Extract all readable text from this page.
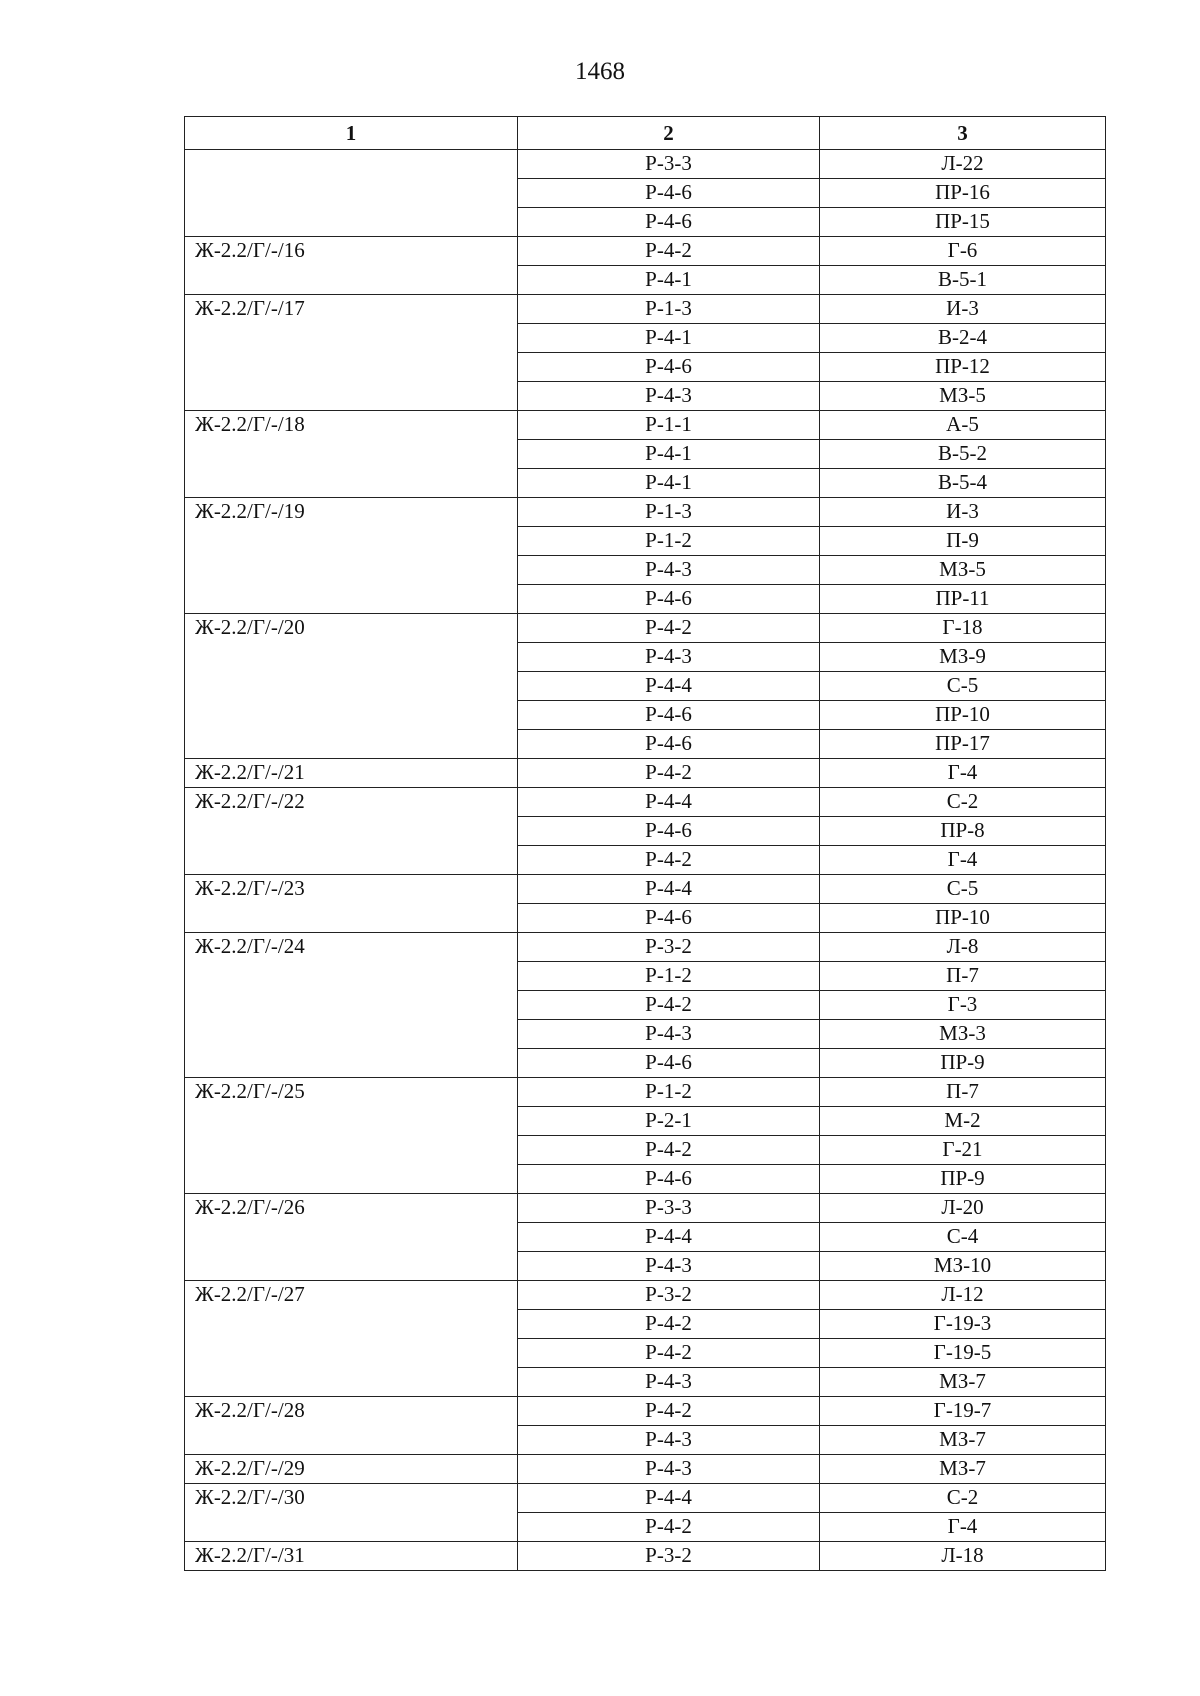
1468
1	2	3
	Р-3-3	Л-22
	Р-4-6	ПР-16
	Р-4-6	ПР-15
Ж-2.2/Г/-/16	Р-4-2	Г-6
	Р-4-1	В-5-1
Ж-2.2/Г/-/17	Р-1-3	И-3
	Р-4-1	В-2-4
	Р-4-6	ПР-12
	Р-4-3	МЗ-5
Ж-2.2/Г/-/18	Р-1-1	А-5
	Р-4-1	В-5-2
	Р-4-1	В-5-4
Ж-2.2/Г/-/19	Р-1-3	И-3
	Р-1-2	П-9
	Р-4-3	МЗ-5
	Р-4-6	ПР-11
Ж-2.2/Г/-/20	Р-4-2	Г-18
	Р-4-3	МЗ-9
	Р-4-4	С-5
	Р-4-6	ПР-10
	Р-4-6	ПР-17
Ж-2.2/Г/-/21	Р-4-2	Г-4
Ж-2.2/Г/-/22	Р-4-4	С-2
	Р-4-6	ПР-8
	Р-4-2	Г-4
Ж-2.2/Г/-/23	Р-4-4	С-5
	Р-4-6	ПР-10
Ж-2.2/Г/-/24	Р-3-2	Л-8
	Р-1-2	П-7
	Р-4-2	Г-3
	Р-4-3	МЗ-3
	Р-4-6	ПР-9
Ж-2.2/Г/-/25	Р-1-2	П-7
	Р-2-1	М-2
	Р-4-2	Г-21
	Р-4-6	ПР-9
Ж-2.2/Г/-/26	Р-3-3	Л-20
	Р-4-4	С-4
	Р-4-3	МЗ-10
Ж-2.2/Г/-/27	Р-3-2	Л-12
	Р-4-2	Г-19-3
	Р-4-2	Г-19-5
	Р-4-3	МЗ-7
Ж-2.2/Г/-/28	Р-4-2	Г-19-7
	Р-4-3	МЗ-7
Ж-2.2/Г/-/29	Р-4-3	МЗ-7
Ж-2.2/Г/-/30	Р-4-4	С-2
	Р-4-2	Г-4
Ж-2.2/Г/-/31	Р-3-2	Л-18
